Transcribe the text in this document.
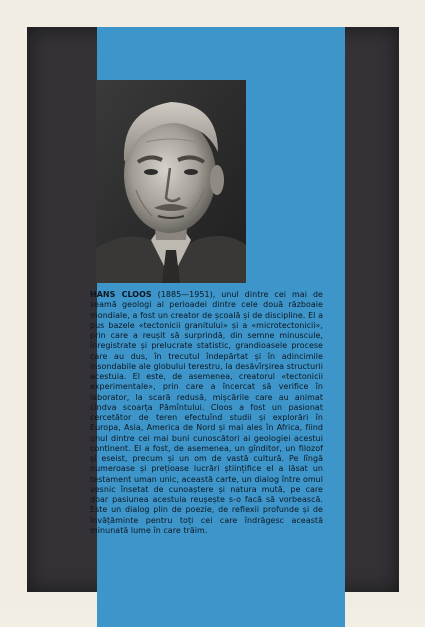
HANS CLOOS (1885—1951), unul dintre cei mai de seamă geologi ai perioadei dintre cele două războaie mondiale, a fost un creator de școală și de discipline. El a pus bazele «tectonicii granitului» și a «microtectonicii», prin care a reușit să surprindă, din semne minuscule, înregistrate și prelucrate statistic, grandioasele procese care au dus, în trecutul îndepărtat și în adincimile insondabile ale globului terestru, la desăvîrșirea structurii acestuia. El este, de asemenea, creatorul «tectonicii experimentale», prin care a încercat să verifice în laborator, la scară redusă, mișcările care au animat cîndva scoarța Pămîntului. Cloos a fost un pasionat cercetător de teren efectuînd studii și explorări în Europa, Asia, America de Nord și mai ales în Africa, fiind unul dintre cei mai buni cunoscători ai geologiei acestui continent. El a fost, de asemenea, un gînditor, un filozof și eseist, precum și un om de vastă cultură. Pe lîngă numeroase și prețioase lucrări științifice el a lăsat un testament uman unic, această carte, un dialog între omul vesnic însetat de cunoaștere și natura mută, pe care doar pasiunea acestuia reușește s-o facă să vorbească. Este un dialog plin de poezie, de reflexii profunde și de învățăminte pentru toți cei care îndrăgesc această minunată lume în care trăim.
